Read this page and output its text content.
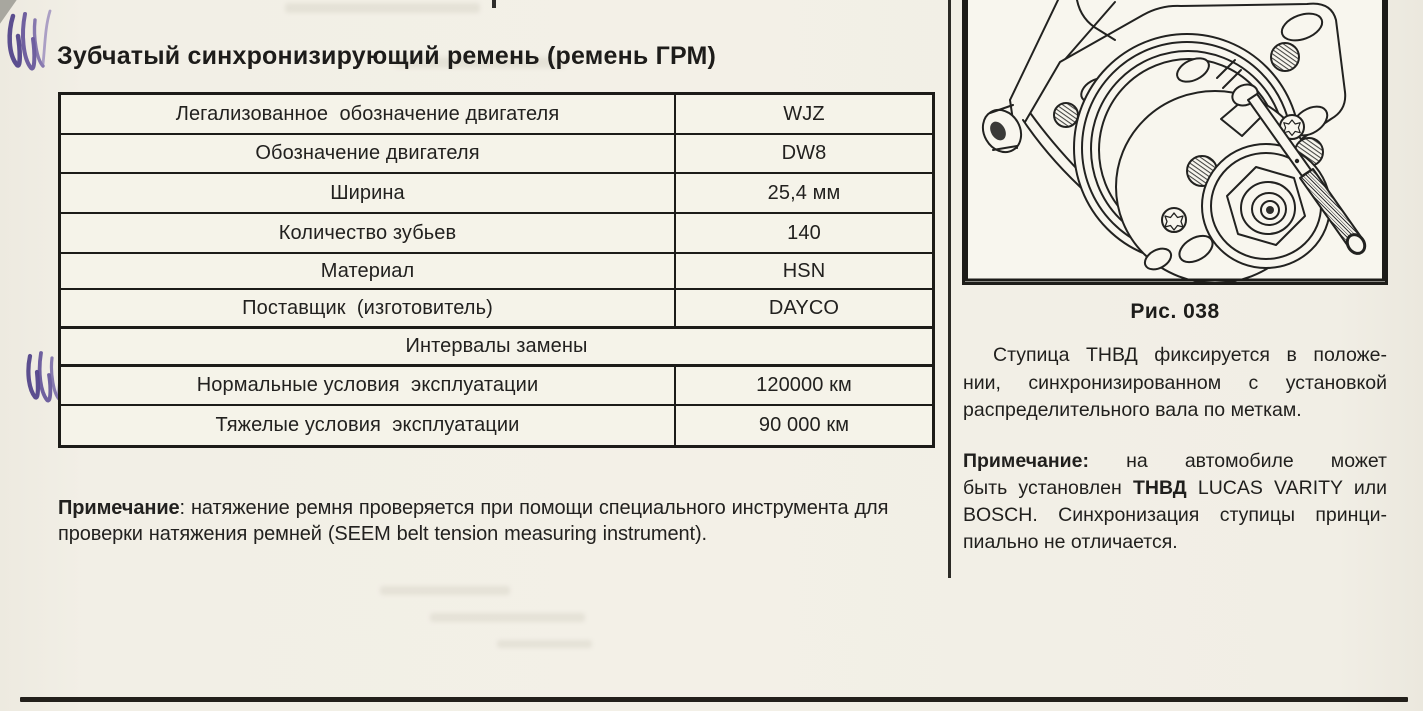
Зубчатый синхронизирующий ремень (ремень ГРМ)
Легализованное  обозначение двигателя	WJZ
Обозначение двигателя	DW8
Ширина	25,4 мм
Количество зубьев	140
Материал	HSN
Поставщик  (изготовитель)	DAYCO
Интервалы замены
Нормальные условия  эксплуатации	120000 км
Тяжелые условия  эксплуатации	90 000 км
Примечание: натяжение ремня проверяется при помощи специального инструмента для
проверки натяжения ремней (SEEM belt tension measuring instrument).
Рис. 038
Ступица ТНВД фиксируется в положе-
нии, синхронизированном с установкой
распределительного вала по меткам.
Примечание: на автомобиле может
быть установлен ТНВД LUCAS VARITY или
BOSCH. Синхронизация ступицы принци-
пиально не отличается.
